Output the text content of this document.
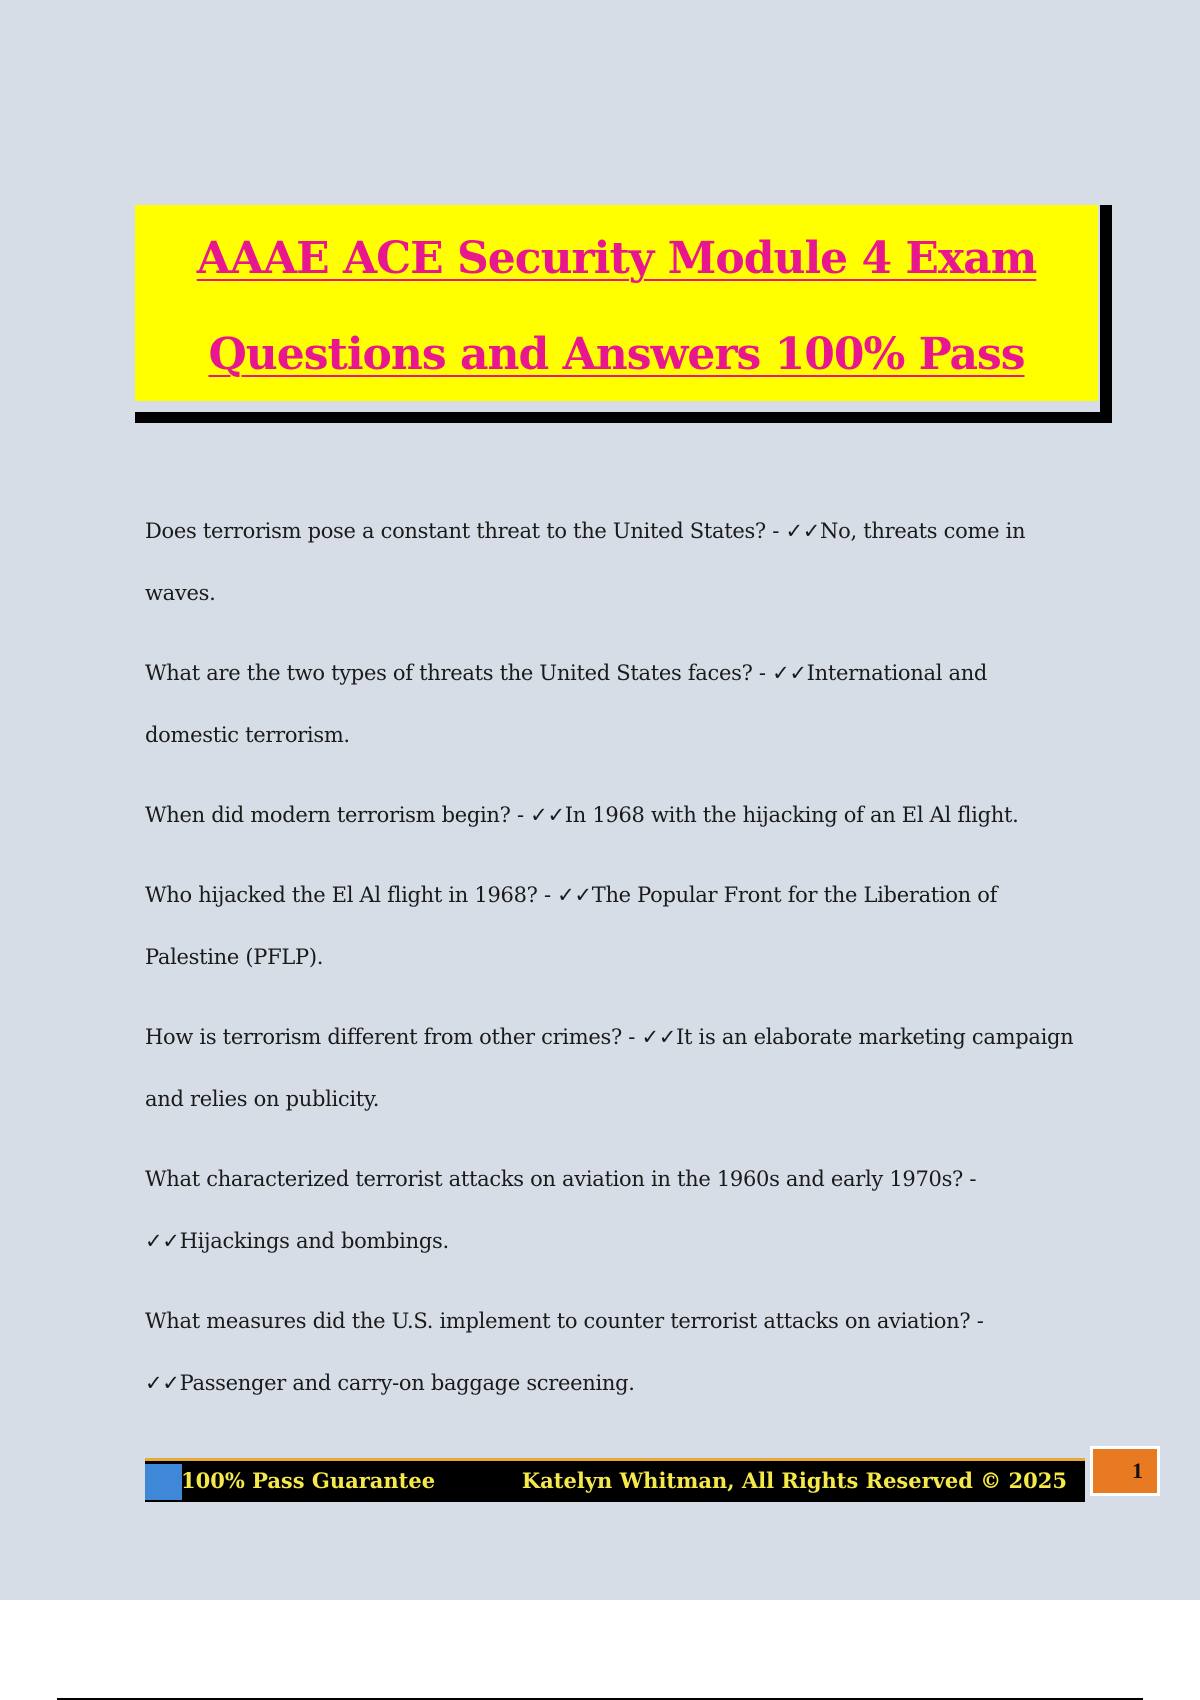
AAAE ACE Security Module 4 Exam
Questions and Answers 100% Pass
Does terrorism pose a constant threat to the United States? - ✓✓No, threats come in waves.
What are the two types of threats the United States faces? - ✓✓International and domestic terrorism.
When did modern terrorism begin? - ✓✓In 1968 with the hijacking of an El Al flight.
Who hijacked the El Al flight in 1968? - ✓✓The Popular Front for the Liberation of Palestine (PFLP).
How is terrorism different from other crimes? - ✓✓It is an elaborate marketing campaign and relies on publicity.
What characterized terrorist attacks on aviation in the 1960s and early 1970s? - ✓✓Hijackings and bombings.
What measures did the U.S. implement to counter terrorist attacks on aviation? - ✓✓Passenger and carry-on baggage screening.
100% Pass Guarantee	Katelyn Whitman, All Rights Reserved © 2025	1
